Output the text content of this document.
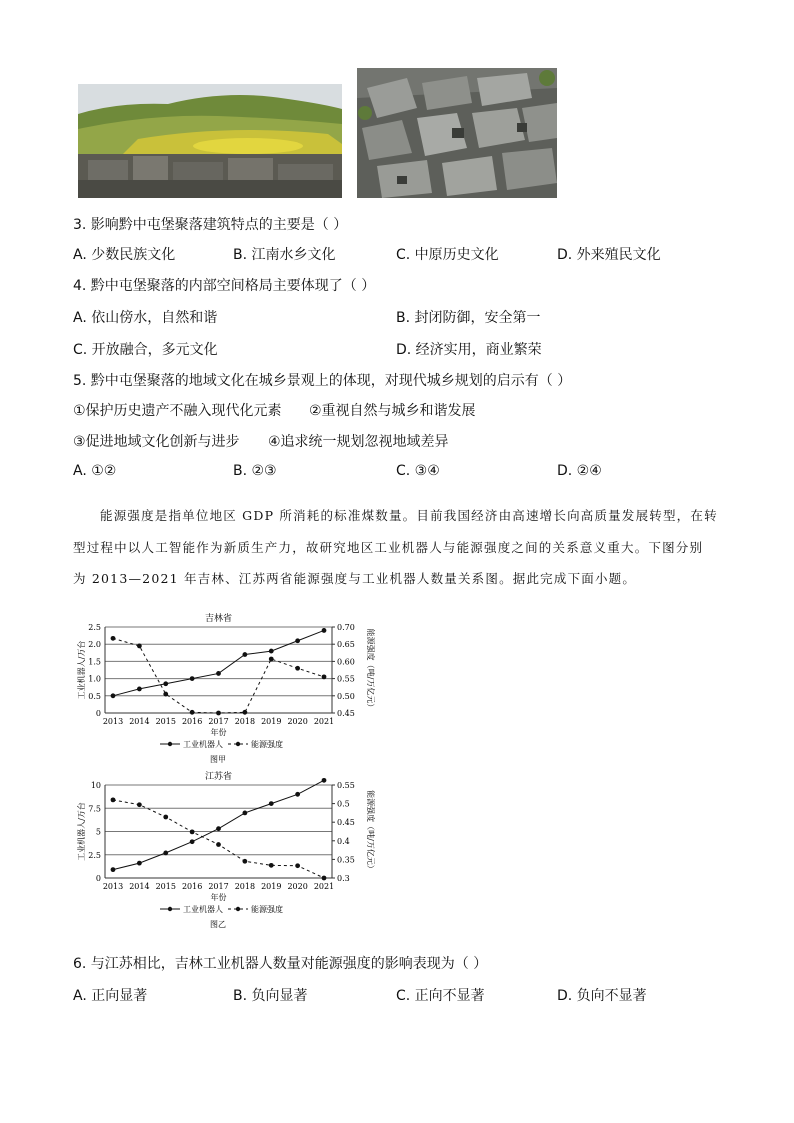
3. 影响黔中屯堡聚落建筑特点的主要是（ ）
A. 少数民族文化	B. 江南水乡文化	C. 中原历史文化	D. 外来殖民文化
4. 黔中屯堡聚落的内部空间格局主要体现了（ ）
A. 依山傍水，自然和谐	B. 封闭防御，安全第一
C. 开放融合，多元文化	D. 经济实用，商业繁荣
5. 黔中屯堡聚落的地域文化在城乡景观上的体现，对现代城乡规划的启示有（ ）
①保护历史遗产不融入现代化元素 ②重视自然与城乡和谐发展
③促进地域文化创新与进步 ④追求统一规划忽视地域差异
A. ①②	B. ②③	C. ③④	D. ②④
能源强度是指单位地区 GDP 所消耗的标准煤数量。目前我国经济由高速增长向高质量发展转型，在转
型过程中以人工智能作为新质生产力，故研究地区工业机器人与能源强度之间的关系意义重大。下图分别
为 2013—2021 年吉林、江苏两省能源强度与工业机器人数量关系图。据此完成下面小题。
吉林省
0
0.5
1.0
1.5
2.0
2.5
0.45
0.50
0.55
0.60
0.65
0.70
2013 2014 2015 2016 2017 2018 2019 2020 2021
年份
工业机器人/万台	能源强度（吨/万亿元）
工业机器人	能源强度
图甲
江苏省
0
2.5
5
7.5
10
0.3
0.35
0.4
0.45
0.5
0.55
2013 2014 2015 2016 2017 2018 2019 2020 2021
年份
工业机器人/万台	能源强度（吨/万亿元）
工业机器人	能源强度
图乙
6. 与江苏相比，吉林工业机器人数量对能源强度的影响表现为（ ）
A. 正向显著	B. 负向显著	C. 正向不显著	D. 负向不显著
